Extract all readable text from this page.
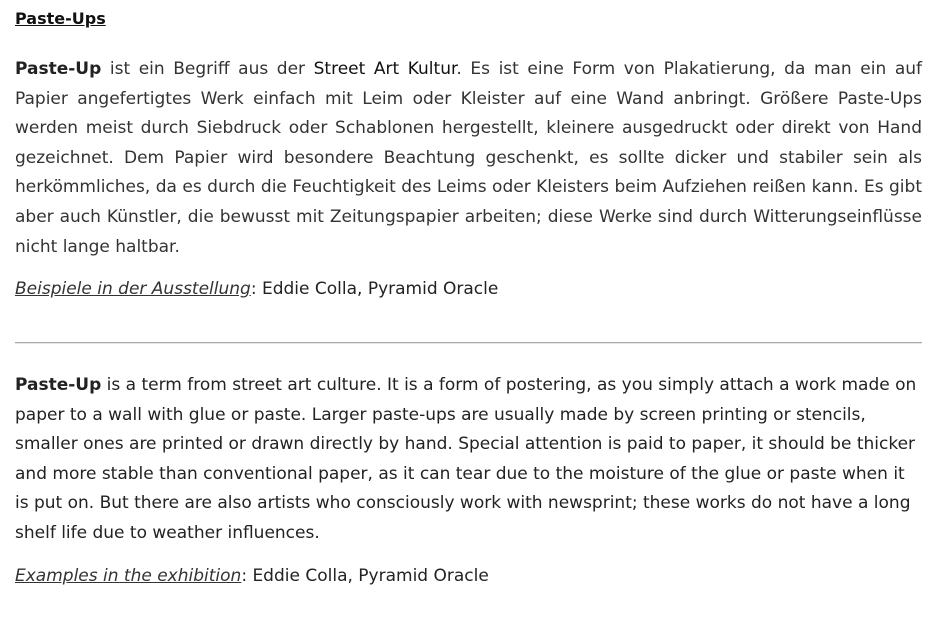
Paste-Ups

Paste-Up ist ein Begriff aus der Street Art Kultur. Es ist eine Form von Plakatierung, da man ein auf Papier angefertigtes Werk einfach mit Leim oder Kleister auf eine Wand anbringt. Größere Paste-Ups werden meist durch Siebdruck oder Schablonen hergestellt, kleinere ausgedruckt oder direkt von Hand gezeichnet. Dem Papier wird besondere Beachtung geschenkt, es sollte dicker und stabiler sein als herkömmliches, da es durch die Feuchtigkeit des Leims oder Kleisters beim Aufziehen reißen kann. Es gibt aber auch Künstler, die bewusst mit Zeitungspapier arbeiten; diese Werke sind durch Witterungseinflüsse nicht lange haltbar.

Beispiele in der Ausstellung: Eddie Colla, Pyramid Oracle

Paste-Up is a term from street art culture. It is a form of postering, as you simply attach a work made on paper to a wall with glue or paste. Larger paste-ups are usually made by screen printing or stencils, smaller ones are printed or drawn directly by hand. Special attention is paid to paper, it should be thicker and more stable than conventional paper, as it can tear due to the moisture of the glue or paste when it is put on. But there are also artists who consciously work with newsprint; these works do not have a long shelf life due to weather influences.

Examples in the exhibition: Eddie Colla, Pyramid Oracle
